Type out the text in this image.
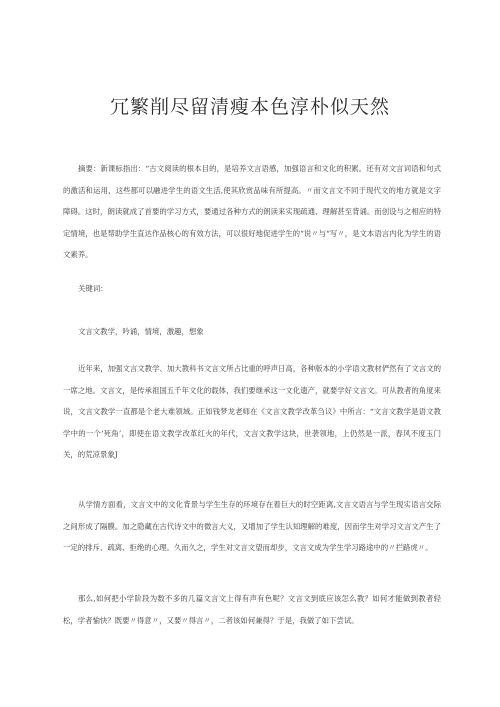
冗繁削尽留清瘦本色淳朴似天然

摘要：新课标指出：“古文阅读的根本目的，是培养文言语感，加强语言和文化的积累。还有对文言词语和句式的激活和运用，这些都可以融进学生的语文生活,使其欣赏品味有所提高。〃而文言文不同于现代文的地方就是文字障碍。这时，朗读就成了首要的学习方式，要通过各种方式的朗读来实现疏通、理解甚至背诵。而创设与之相应的特定情境，也是帮助学生直达作品核心的有效方法，可以很好地促进学生的“说〃与“写〃，是文本语言内化为学生的语文素养。

关键词：

文言文教学，吟诵，情境，激趣，想象

近年来，加强文言文教学、加大教科书文言文所占比重的呼声日高，各种版本的小学语文教材俨然有了文言文的一席之地。文言文，是传承祖国五千年文化的载体，我们要继承这一文化遗产，就要学好文言文。可从教者的角度来说，文言文教学一直都是个老大难领域。正如钱梦龙老师在《文言文教学改革刍议》中所言：“文言文教学是语文教学中的一个‘死角’，即使在语文教学改革红火的年代，文言文教学这块，世袭领地，上仍然是一派，春风不度玉门关，的荒凉景象J

从学情方面看，文言文中的文化背景与学生生存的环境存在着巨大的时空距离,文言文语言与学生现实语言交际之间形成了隔膜。加之隐藏在古代诗文中的微言大义，又增加了学生认知理解的难度，因而学生对学习文言文产生了一定的排斥、疏离、拒绝的心理。久而久之，学生对文言文望而却步，文言文成为学生学习路途中的〃拦路虎〃。

那么,如何把小学阶段为数不多的几篇文言文上得有声有色呢？文言文到底应该怎么教？如何才能做到教者轻松，学者愉快？既要〃得意〃，又要〃得言〃，二者该如何兼得？于是，我做了如下尝试。
